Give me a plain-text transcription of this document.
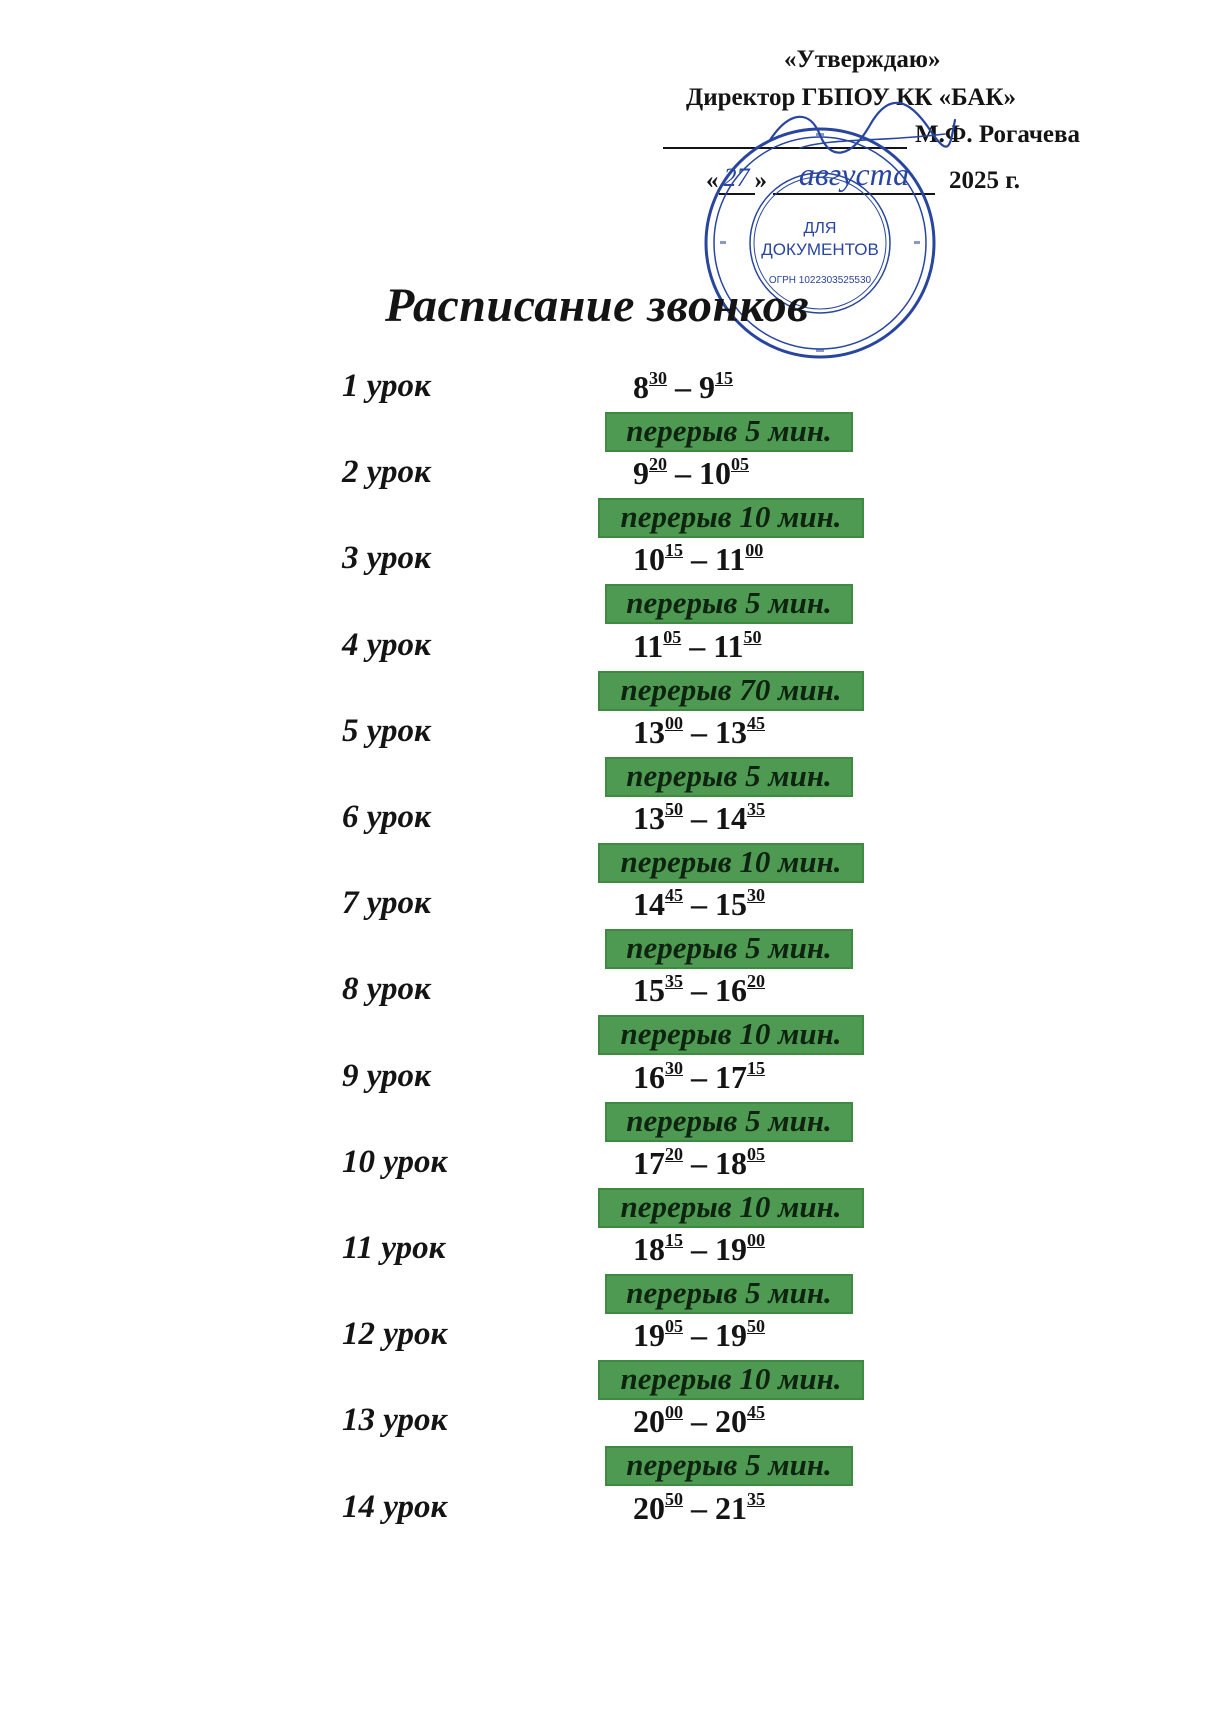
«Утверждаю»
Директор ГБПОУ КК «БАК»
М.Ф. Рогачева
« 27 » августа	2025 г.
ДЛЯ
ДОКУМЕНТОВ
ОГРН 1022303525530
Расписание звонков
1 урок	$8^{30} - 9^{15}$
перерыв 5 мин.
2 урок	$9^{20} - 10^{05}$
перерыв 10 мин.
3 урок	$10^{15} - 11^{00}$
перерыв 5 мин.
4 урок	$11^{05} - 11^{50}$
перерыв 70 мин.
5 урок	$13^{00} - 13^{45}$
перерыв 5 мин.
6 урок	$13^{50} - 14^{35}$
перерыв 10 мин.
7 урок	$14^{45} - 15^{30}$
перерыв 5 мин.
8 урок	$15^{35} - 16^{20}$
перерыв 10 мин.
9 урок	$16^{30} - 17^{15}$
перерыв 5 мин.
10 урок	$17^{20} - 18^{05}$
перерыв 10 мин.
11 урок	$18^{15} - 19^{00}$
перерыв 5 мин.
12 урок	$19^{05} - 19^{50}$
перерыв 10 мин.
13 урок	$20^{00} - 20^{45}$
перерыв 5 мин.
14 урок	$20^{50} - 21^{35}$
